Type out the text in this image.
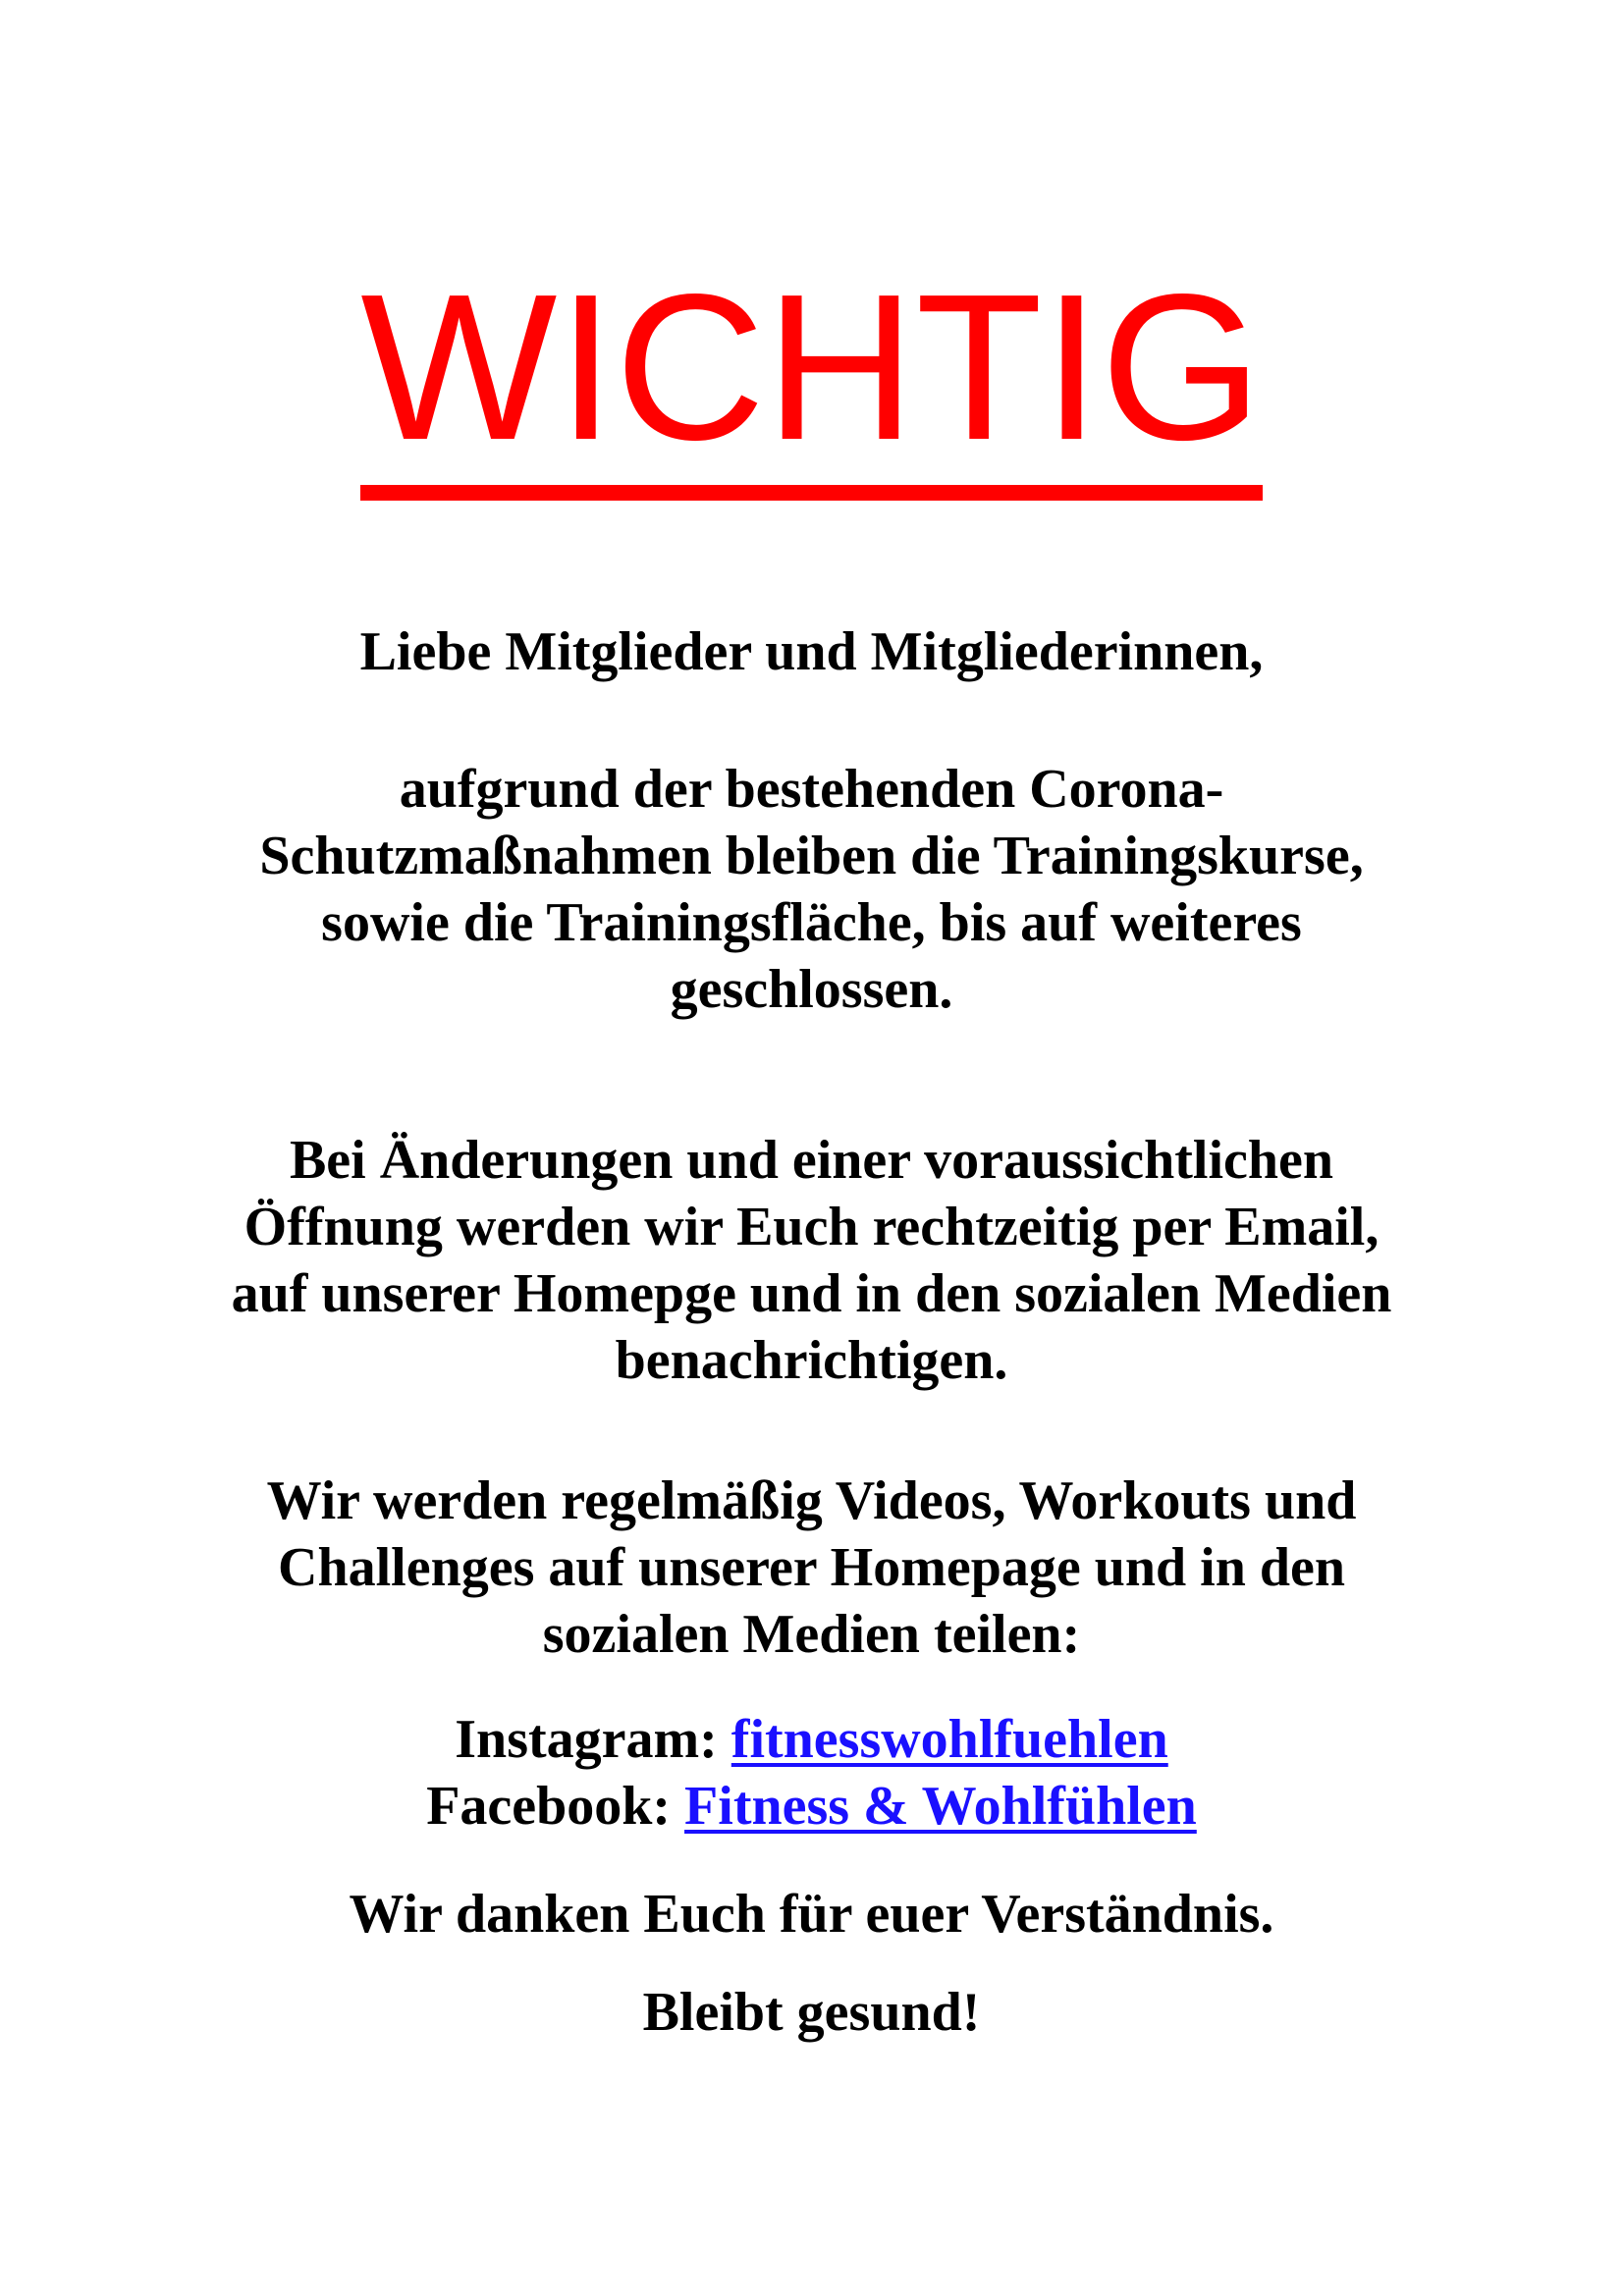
WICHTIG

Liebe Mitglieder und Mitgliederinnen,

aufgrund der bestehenden Corona-

Schutzmaßnahmen bleiben die Trainingskurse,

sowie die Trainingsfläche, bis auf weiteres

geschlossen.

Bei Änderungen und einer voraussichtlichen

Öffnung werden wir Euch rechtzeitig per Email,

auf unserer Homepge und in den sozialen Medien

benachrichtigen.

Wir werden regelmäßig Videos, Workouts und

Challenges auf unserer Homepage und in den

sozialen Medien teilen:

Instagram: fitnesswohlfuehlen
Facebook: Fitness & Wohlfühlen

Wir danken Euch für euer Verständnis.

Bleibt gesund!
